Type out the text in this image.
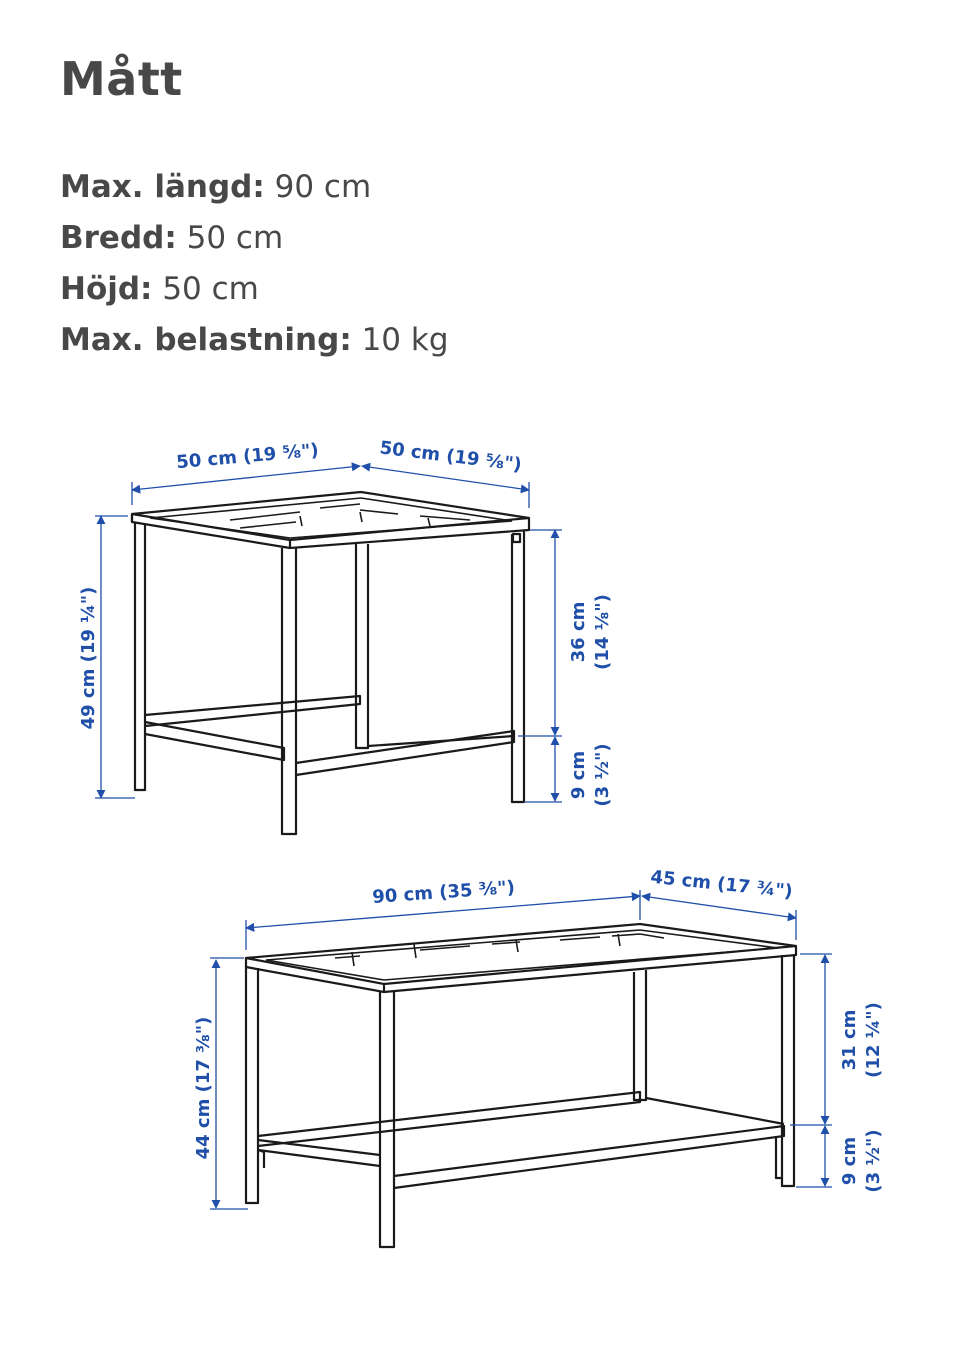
Mått
Max. längd: 90 cm
Bredd: 50 cm
Höjd: 50 cm
Max. belastning: 10 kg
50 cm (19 ⅝")	50 cm (19 ⅝")
49 cm (19 ¼")	36 cm (14 ⅛")
9 cm (3 ½")
90 cm (35 ⅜")	45 cm (17 ¾")
44 cm (17 ⅜")	31 cm (12 ¼")
9 cm (3 ½")
